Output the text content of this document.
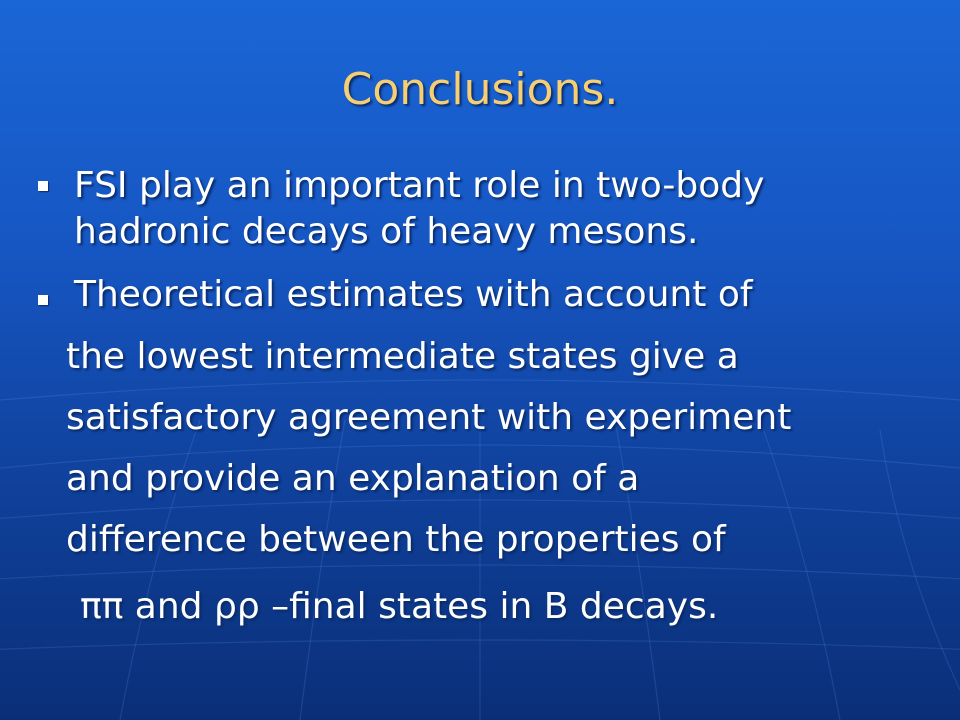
Conclusions.
FSI play an important role in two-body
hadronic decays of heavy mesons.
Theoretical estimates with account of
the lowest intermediate states give a
satisfactory agreement with experiment
and provide an explanation of a
difference between the properties of
ππ and ρρ –final states in B decays.
